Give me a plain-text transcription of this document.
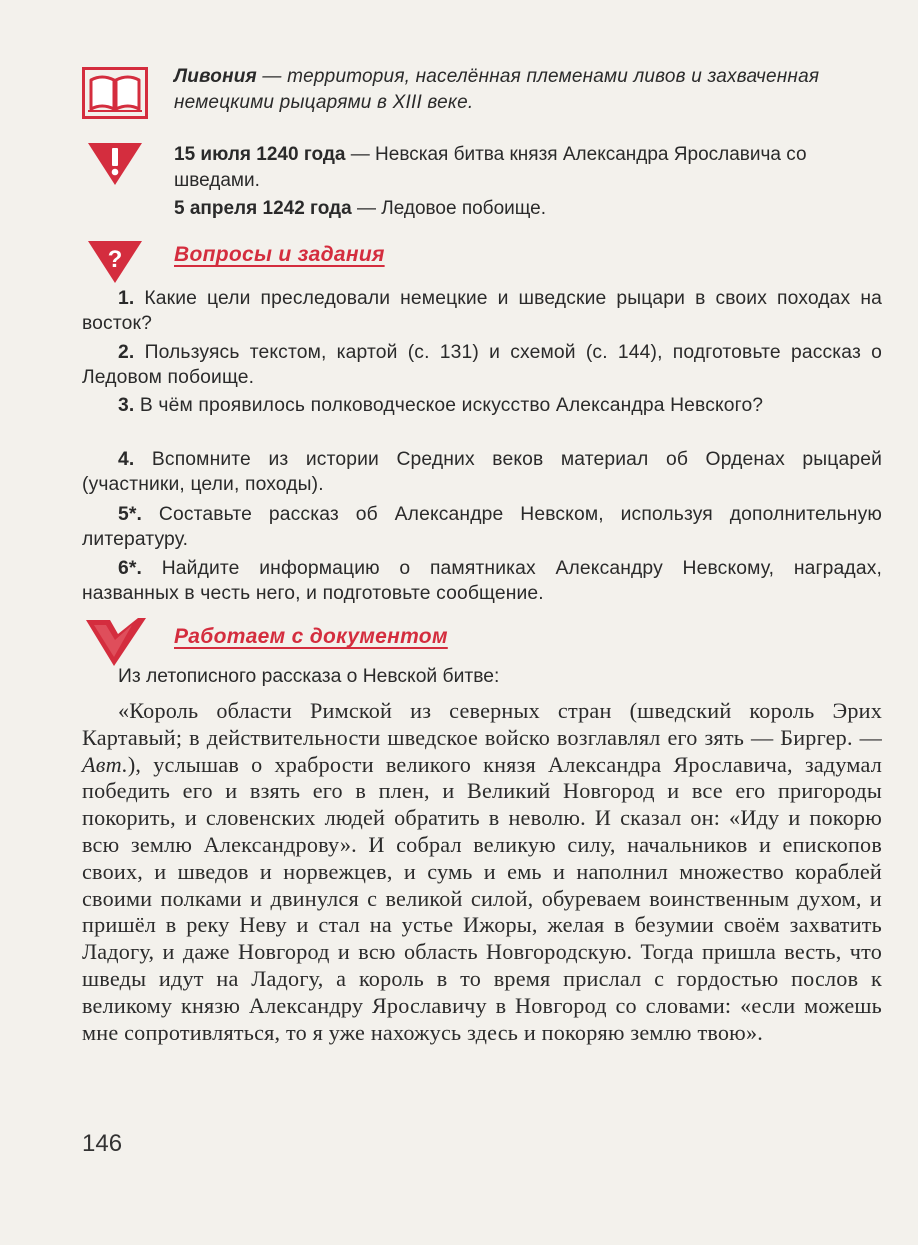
Ливония — территория, населённая племенами ливов и захваченная немецкими рыцарями в XIII веке.
15 июля 1240 года — Невская битва князя Александра Ярославича со шведами.
5 апреля 1242 года — Ледовое побоище.
? Вопросы и задания
1. Какие цели преследовали немецкие и шведские рыцари в своих походах на восток?
2. Пользуясь текстом, картой (с. 131) и схемой (с. 144), подготовьте рассказ о Ледовом побоище.
3. В чём проявилось полководческое искусство Александра Невского?
4. Вспомните из истории Средних веков материал об Орденах рыцарей (участники, цели, походы).
5*. Составьте рассказ об Александре Невском, используя дополнительную литературу.
6*. Найдите информацию о памятниках Александру Невскому, наградах, названных в честь него, и подготовьте сообщение.
Работаем с документом
Из летописного рассказа о Невской битве:
«Король области Римской из северных стран (шведский король Эрих Картавый; в действительности шведское войско возглавлял его зять — Биргер. — Авт.), услышав о храбрости великого князя Александра Ярославича, задумал победить его и взять его в плен, и Великий Новгород и все его пригороды покорить, и словенских людей обратить в неволю. И сказал он: «Иду и покорю всю землю Александрову». И собрал великую силу, начальников и епископов своих, и шведов и норвежцев, и сумь и емь и наполнил множество кораблей своими полками и двинулся с великой силой, обуреваем воинственным духом, и пришёл в реку Неву и стал на устье Ижоры, желая в безумии своём захватить Ладогу, и даже Новгород и всю область Новгородскую. Тогда пришла весть, что шведы идут на Ладогу, а король в то время прислал с гордостью послов к великому князю Александру Ярославичу в Новгород со словами: «если можешь мне сопротивляться, то я уже нахожусь здесь и покоряю землю твою».
146
